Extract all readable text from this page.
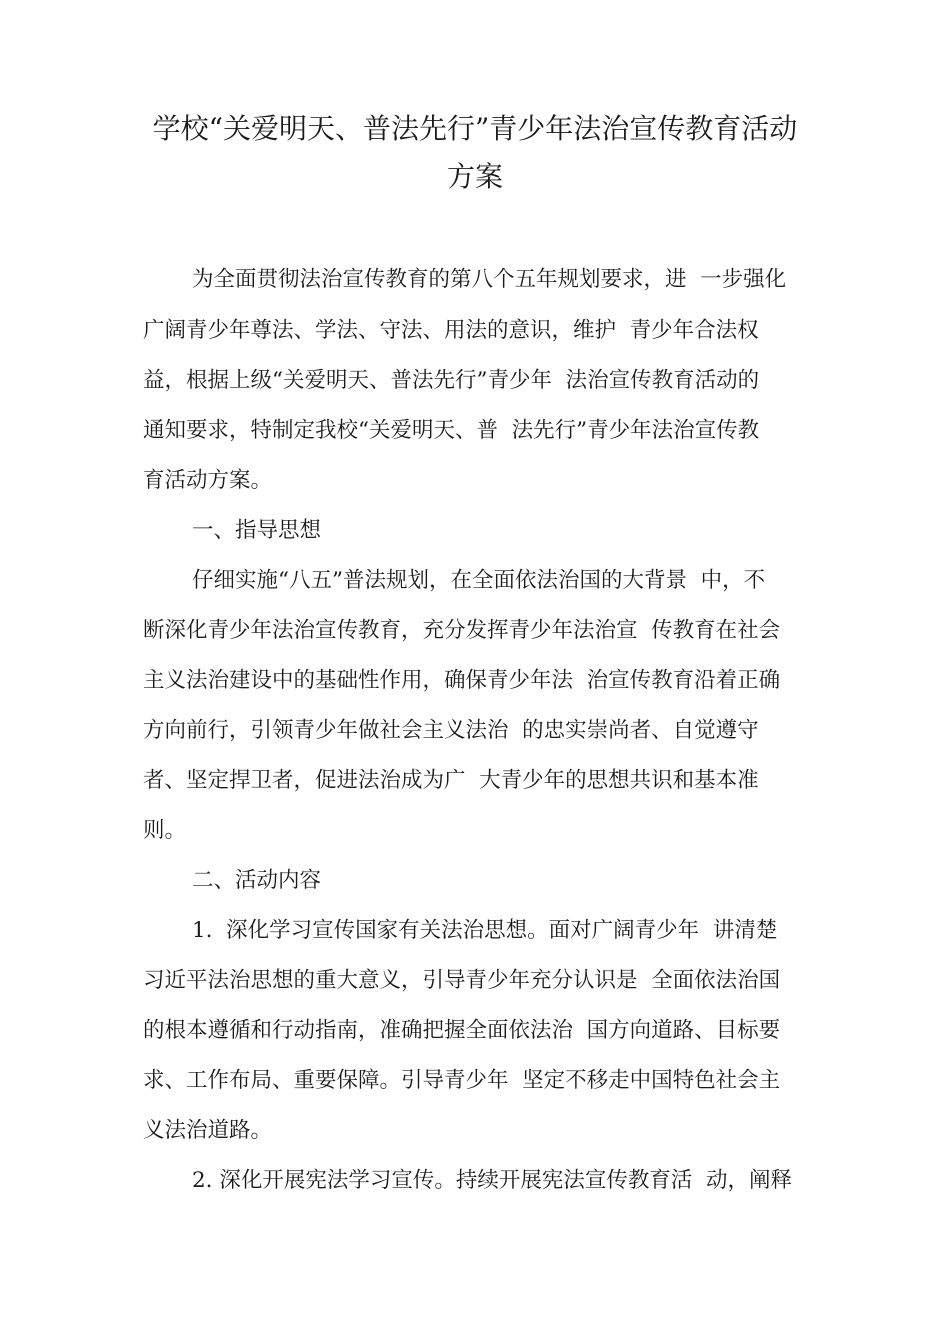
学校“关爱明天、普法先行”青少年法治宣传教育活动
方案

为全面贯彻法治宣传教育的第八个五年规划要求，进  一步强化

广阔青少年尊法、学法、守法、用法的意识，维护  青少年合法权

益，根据上级“关爱明天、普法先行”青少年  法治宣传教育活动的

通知要求，特制定我校“关爱明天、普  法先行”青少年法治宣传教

育活动方案。

一、指导思想

仔细实施“八五”普法规划，在全面依法治国的大背景  中，不

断深化青少年法治宣传教育，充分发挥青少年法治宣  传教育在社会

主义法治建设中的基础性作用，确保青少年法  治宣传教育沿着正确

方向前行，引领青少年做社会主义法治  的忠实崇尚者、自觉遵守

者、坚定捍卫者，促进法治成为广  大青少年的思想共识和基本准

则。

二、活动内容

1.  深化学习宣传国家有关法治思想。面对广阔青少年  讲清楚

习近平法治思想的重大意义，引导青少年充分认识是  全面依法治国

的根本遵循和行动指南，准确把握全面依法治  国方向道路、目标要

求、工作布局、重要保障。引导青少年  坚定不移走中国特色社会主

义法治道路。

2. 深化开展宪法学习宣传。持续开展宪法宣传教育活  动，阐释
